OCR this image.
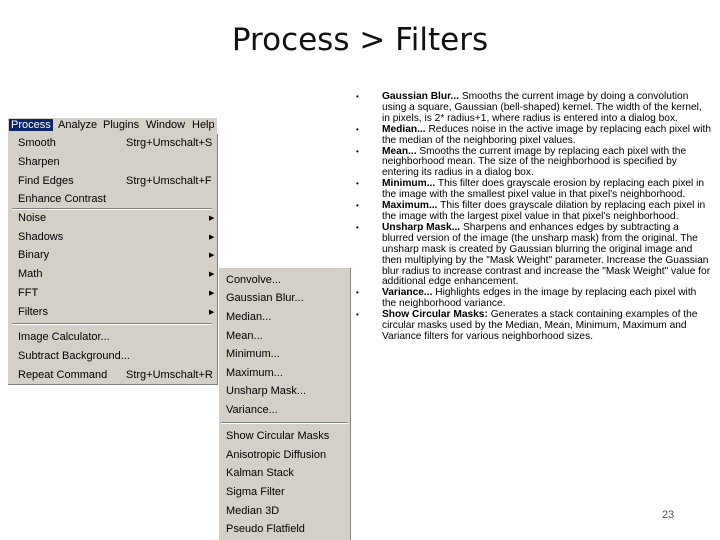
Process > Filters
Process Analyze Plugins Window Help
Smooth	Strg+Umschalt+S
Sharpen
Find Edges	Strg+Umschalt+F
Enhance Contrast
Noise	▶
Shadows	▶
Binary	▶
Math	▶
FFT	▶
Filters	▶
Image Calculator...
Subtract Background...
Repeat Command Strg+Umschalt+R
Convolve...
Gaussian Blur...
Median...
Mean...
Minimum...
Maximum...
Unsharp Mask...
Variance...
Show Circular Masks
Anisotropic Diffusion
Kalman Stack
Sigma Filter
Median 3D
Pseudo Flatfield
• Gaussian Blur... Smooths the current image by doing a convolution using a square, Gaussian (bell-shaped) kernel. The width of the kernel, in pixels, is 2* radius+1, where radius is entered into a dialog box.
• Median... Reduces noise in the active image by replacing each pixel with the median of the neighboring pixel values.
• Mean... Smooths the current image by replacing each pixel with the neighborhood mean. The size of the neighborhood is specified by entering its radius in a dialog box.
• Minimum... This filter does grayscale erosion by replacing each pixel in the image with the smallest pixel value in that pixel's neighborhood.
• Maximum... This filter does grayscale dilation by replacing each pixel in the image with the largest pixel value in that pixel's neighborhood.
• Unsharp Mask... Sharpens and enhances edges by subtracting a blurred version of the image (the unsharp mask) from the original. The unsharp mask is created by Gaussian blurring the original image and then multiplying by the "Mask Weight" parameter. Increase the Guassian blur radius to increase contrast and increase the "Mask Weight" value for additional edge enhancement.
• Variance... Highlights edges in the image by replacing each pixel with the neighborhood variance.
• Show Circular Masks: Generates a stack containing examples of the circular masks used by the Median, Mean, Minimum, Maximum and Variance filters for various neighborhood sizes.
23
